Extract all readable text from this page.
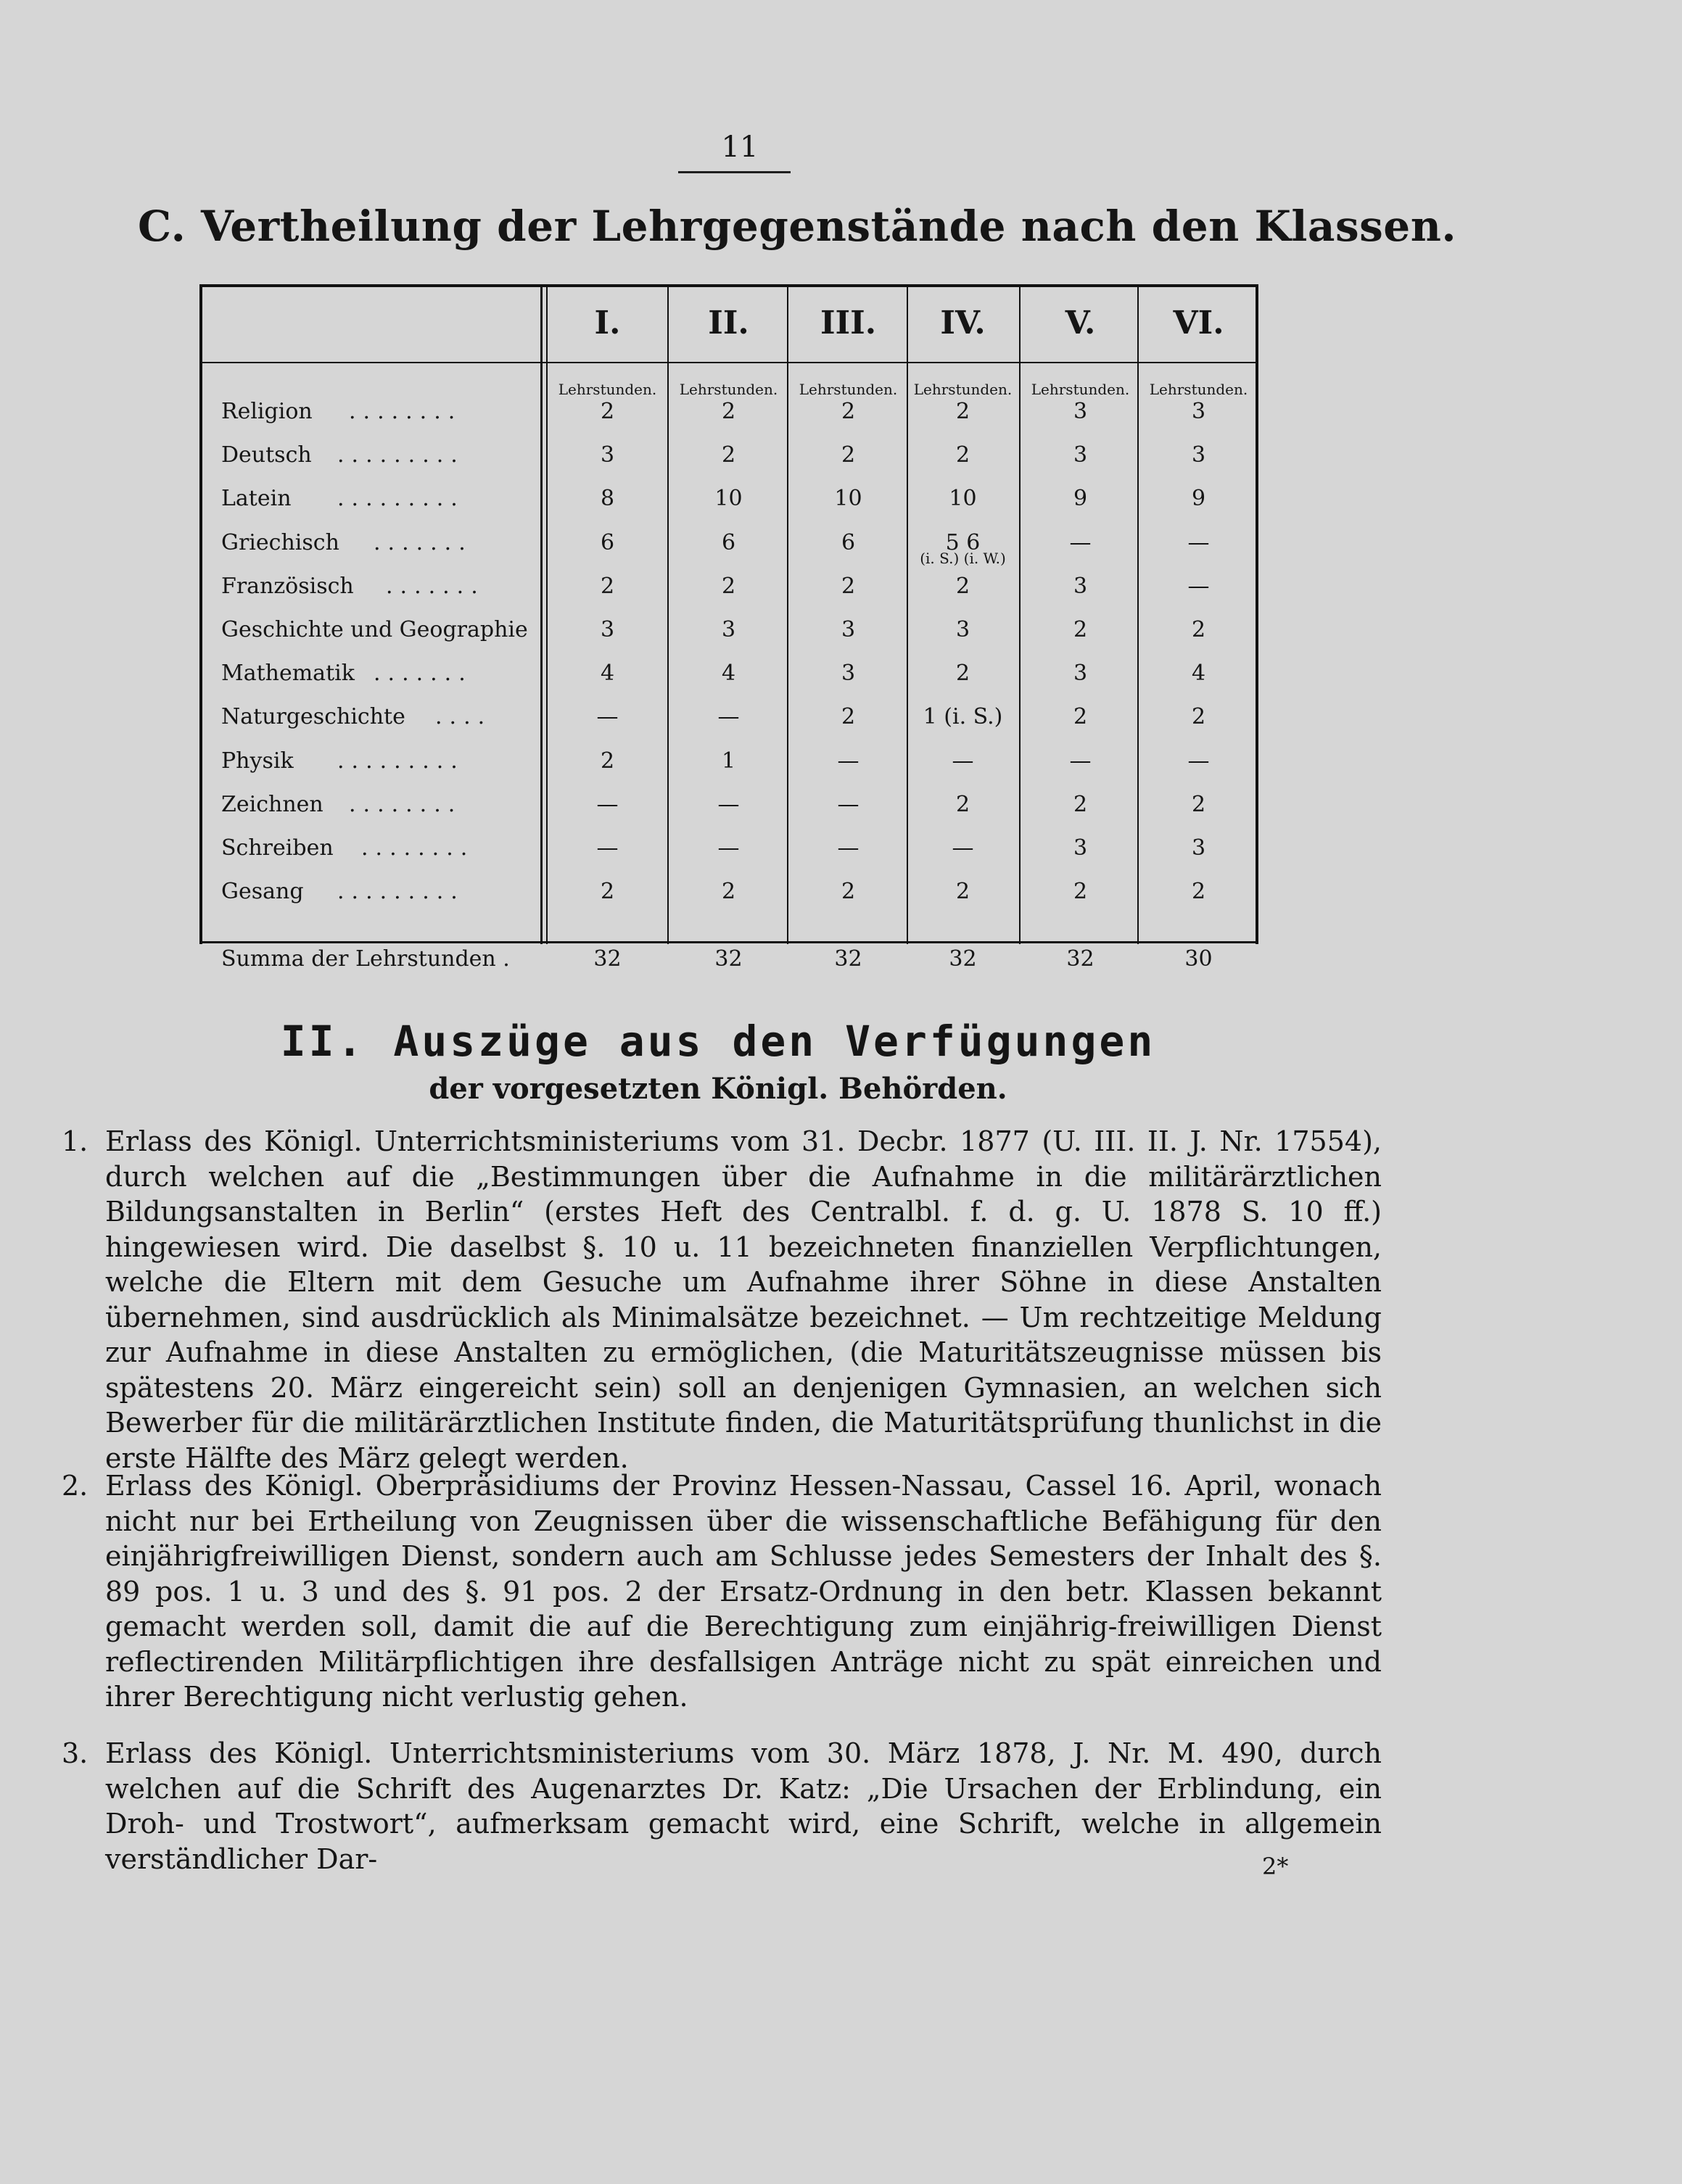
11
C. Vertheilung der Lehrgegenstände nach den Klassen.
I.	II.	III.	IV.	V.	VI.
Lehrstunden.	Lehrstunden.	Lehrstunden.	Lehrstunden.	Lehrstunden.	Lehrstunden.
Religion ........	2	2	2	2	3	3
Deutsch .........	3	2	2	2	3	3
Latein .........	8	10	10	10	9	9
Griechisch .......	6	6	6	5 6	—	—
(i. S.) (i. W.)
Französisch .......	2	2	2	2	3	—
Geschichte und Geographie	3	3	3	3	2	2
Mathematik .......	4	4	3	2	3	4
Naturgeschichte ....	—	—	2	1 (i. S.)	2	2
Physik .........	2	1	—	—	—	—
Zeichnen ........	—	—	—	2	2	2
Schreiben ........	—	—	—	—	3	3
Gesang .........	2	2	2	2	2	2
Summa der Lehrstunden .	32	32	32	32	32	30
II. Auszüge aus den Verfügungen
der vorgesetzten Königl. Behörden.
1. Erlass des Königl. Unterrichtsministeriums vom 31. Decbr. 1877 (U. III. II. J. Nr. 17554), durch welchen auf die „Bestimmungen über die Aufnahme in die militärärztlichen Bildungsanstalten in Berlin“ (erstes Heft des Centralbl. f. d. g. U. 1878 S. 10 ff.) hingewiesen wird. Die daselbst §. 10 u. 11 bezeichneten finanziellen Verpflichtungen, welche die Eltern mit dem Gesuche um Aufnahme ihrer Söhne in diese Anstalten übernehmen, sind ausdrücklich als Minimalsätze bezeichnet. — Um rechtzeitige Meldung zur Aufnahme in diese Anstalten zu ermöglichen, (die Maturitätszeugnisse müssen bis spätestens 20. März eingereicht sein) soll an denjenigen Gymnasien, an welchen sich Bewerber für die militärärztlichen Institute finden, die Maturitätsprüfung thunlichst in die erste Hälfte des März gelegt werden.
2. Erlass des Königl. Oberpräsidiums der Provinz Hessen-Nassau, Cassel 16. April, wonach nicht nur bei Ertheilung von Zeugnissen über die wissenschaftliche Befähigung für den einjährigfreiwilligen Dienst, sondern auch am Schlusse jedes Semesters der Inhalt des §. 89 pos. 1 u. 3 und des §. 91 pos. 2 der Ersatz-Ordnung in den betr. Klassen bekannt gemacht werden soll, damit die auf die Berechtigung zum einjährig-freiwilligen Dienst reflectirenden Militärpflichtigen ihre desfallsigen Anträge nicht zu spät einreichen und ihrer Berechtigung nicht verlustig gehen.
3. Erlass des Königl. Unterrichtsministeriums vom 30. März 1878, J. Nr. M. 490, durch welchen auf die Schrift des Augenarztes Dr. Katz: „Die Ursachen der Erblindung, ein Droh- und Trostwort“, aufmerksam gemacht wird, eine Schrift, welche in allgemein verständlicher Dar-	2*
